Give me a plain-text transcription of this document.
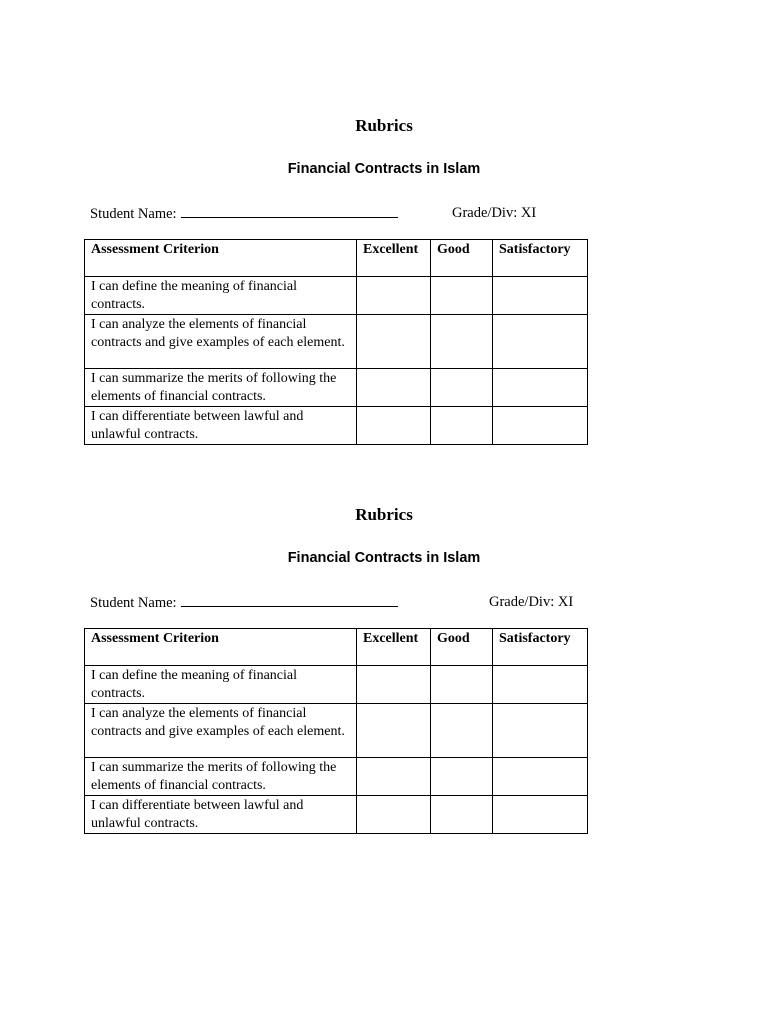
Rubrics
Financial Contracts in Islam
Student Name:	Grade/Div: XI
Assessment Criterion	Excellent	Good	Satisfactory
I can define the meaning of financial contracts.			
I can analyze the elements of financial contracts and give examples of each element.			
I can summarize the merits of following the elements of financial contracts.			
I can differentiate between lawful and unlawful contracts.			
Rubrics
Financial Contracts in Islam
Student Name:	Grade/Div: XI
Assessment Criterion	Excellent	Good	Satisfactory
I can define the meaning of financial contracts.			
I can analyze the elements of financial contracts and give examples of each element.			
I can summarize the merits of following the elements of financial contracts.			
I can differentiate between lawful and unlawful contracts.			
